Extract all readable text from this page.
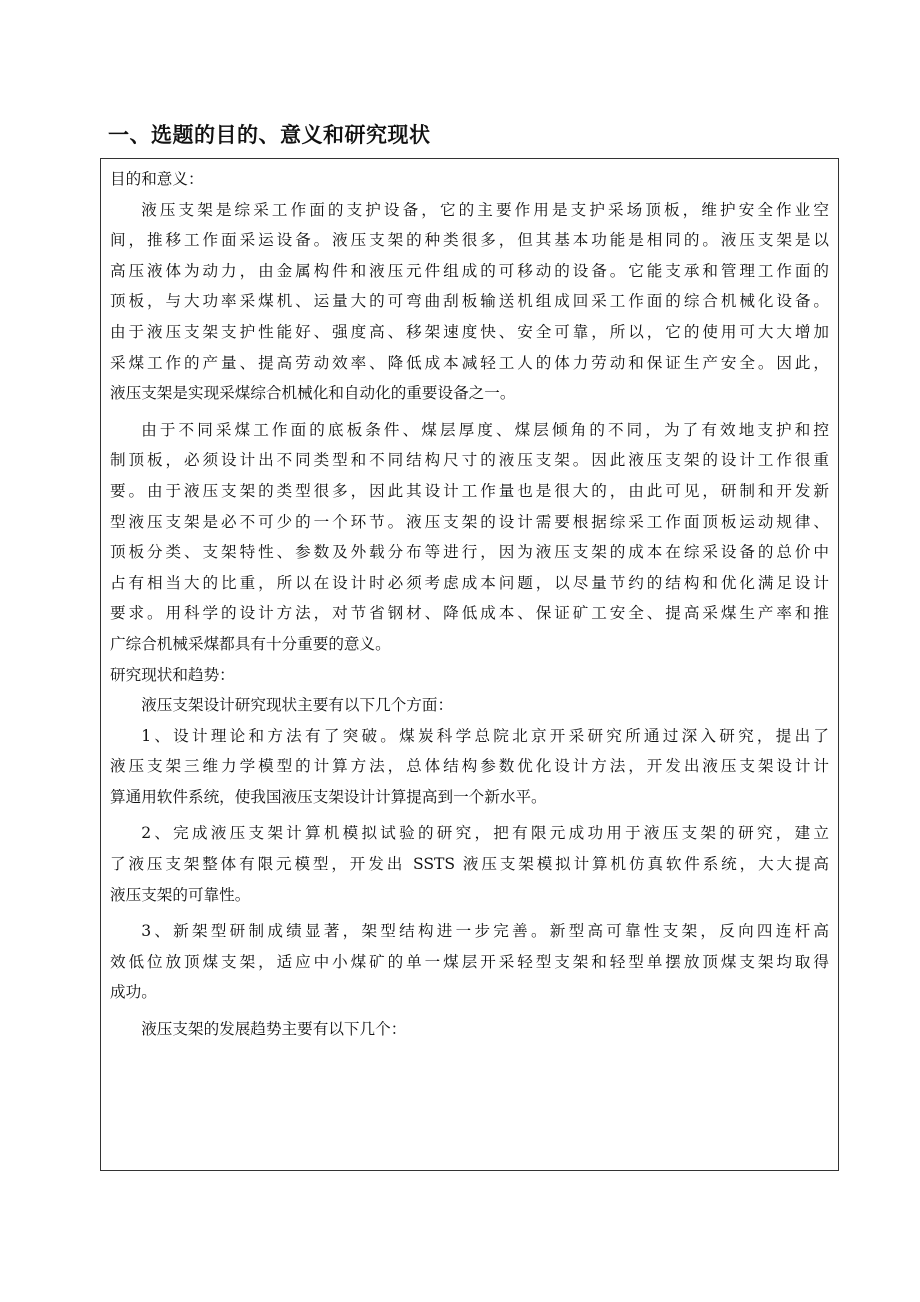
一、选题的目的、意义和研究现状

目的和意义：

液压支架是综采工作面的支护设备，它的主要作用是支护采场顶板，维护安全作业空
间，推移工作面采运设备。液压支架的种类很多，但其基本功能是相同的。液压支架是以
高压液体为动力，由金属构件和液压元件组成的可移动的设备。它能支承和管理工作面的
顶板，与大功率采煤机、运量大的可弯曲刮板输送机组成回采工作面的综合机械化设备。
由于液压支架支护性能好、强度高、移架速度快、安全可靠，所以，它的使用可大大增加
采煤工作的产量、提高劳动效率、降低成本减轻工人的体力劳动和保证生产安全。因此，
液压支架是实现采煤综合机械化和自动化的重要设备之一。
由于不同采煤工作面的底板条件、煤层厚度、煤层倾角的不同，为了有效地支护和控
制顶板，必须设计出不同类型和不同结构尺寸的液压支架。因此液压支架的设计工作很重
要。由于液压支架的类型很多，因此其设计工作量也是很大的，由此可见，研制和开发新
型液压支架是必不可少的一个环节。液压支架的设计需要根据综采工作面顶板运动规律、
顶板分类、支架特性、参数及外载分布等进行，因为液压支架的成本在综采设备的总价中
占有相当大的比重，所以在设计时必须考虑成本问题，以尽量节约的结构和优化满足设计
要求。用科学的设计方法，对节省钢材、降低成本、保证矿工安全、提高采煤生产率和推
广综合机械采煤都具有十分重要的意义。

研究现状和趋势：

液压支架设计研究现状主要有以下几个方面：

1、设计理论和方法有了突破。煤炭科学总院北京开采研究所通过深入研究，提出了
液压支架三维力学模型的计算方法，总体结构参数优化设计方法，开发出液压支架设计计
算通用软件系统，使我国液压支架设计计算提高到一个新水平。
2、完成液压支架计算机模拟试验的研究，把有限元成功用于液压支架的研究，建立
了液压支架整体有限元模型，开发出 SSTS 液压支架模拟计算机仿真软件系统，大大提高
液压支架的可靠性。
3、新架型研制成绩显著，架型结构进一步完善。新型高可靠性支架，反向四连杆高
效低位放顶煤支架，适应中小煤矿的单一煤层开采轻型支架和轻型单摆放顶煤支架均取得
成功。

液压支架的发展趋势主要有以下几个：
